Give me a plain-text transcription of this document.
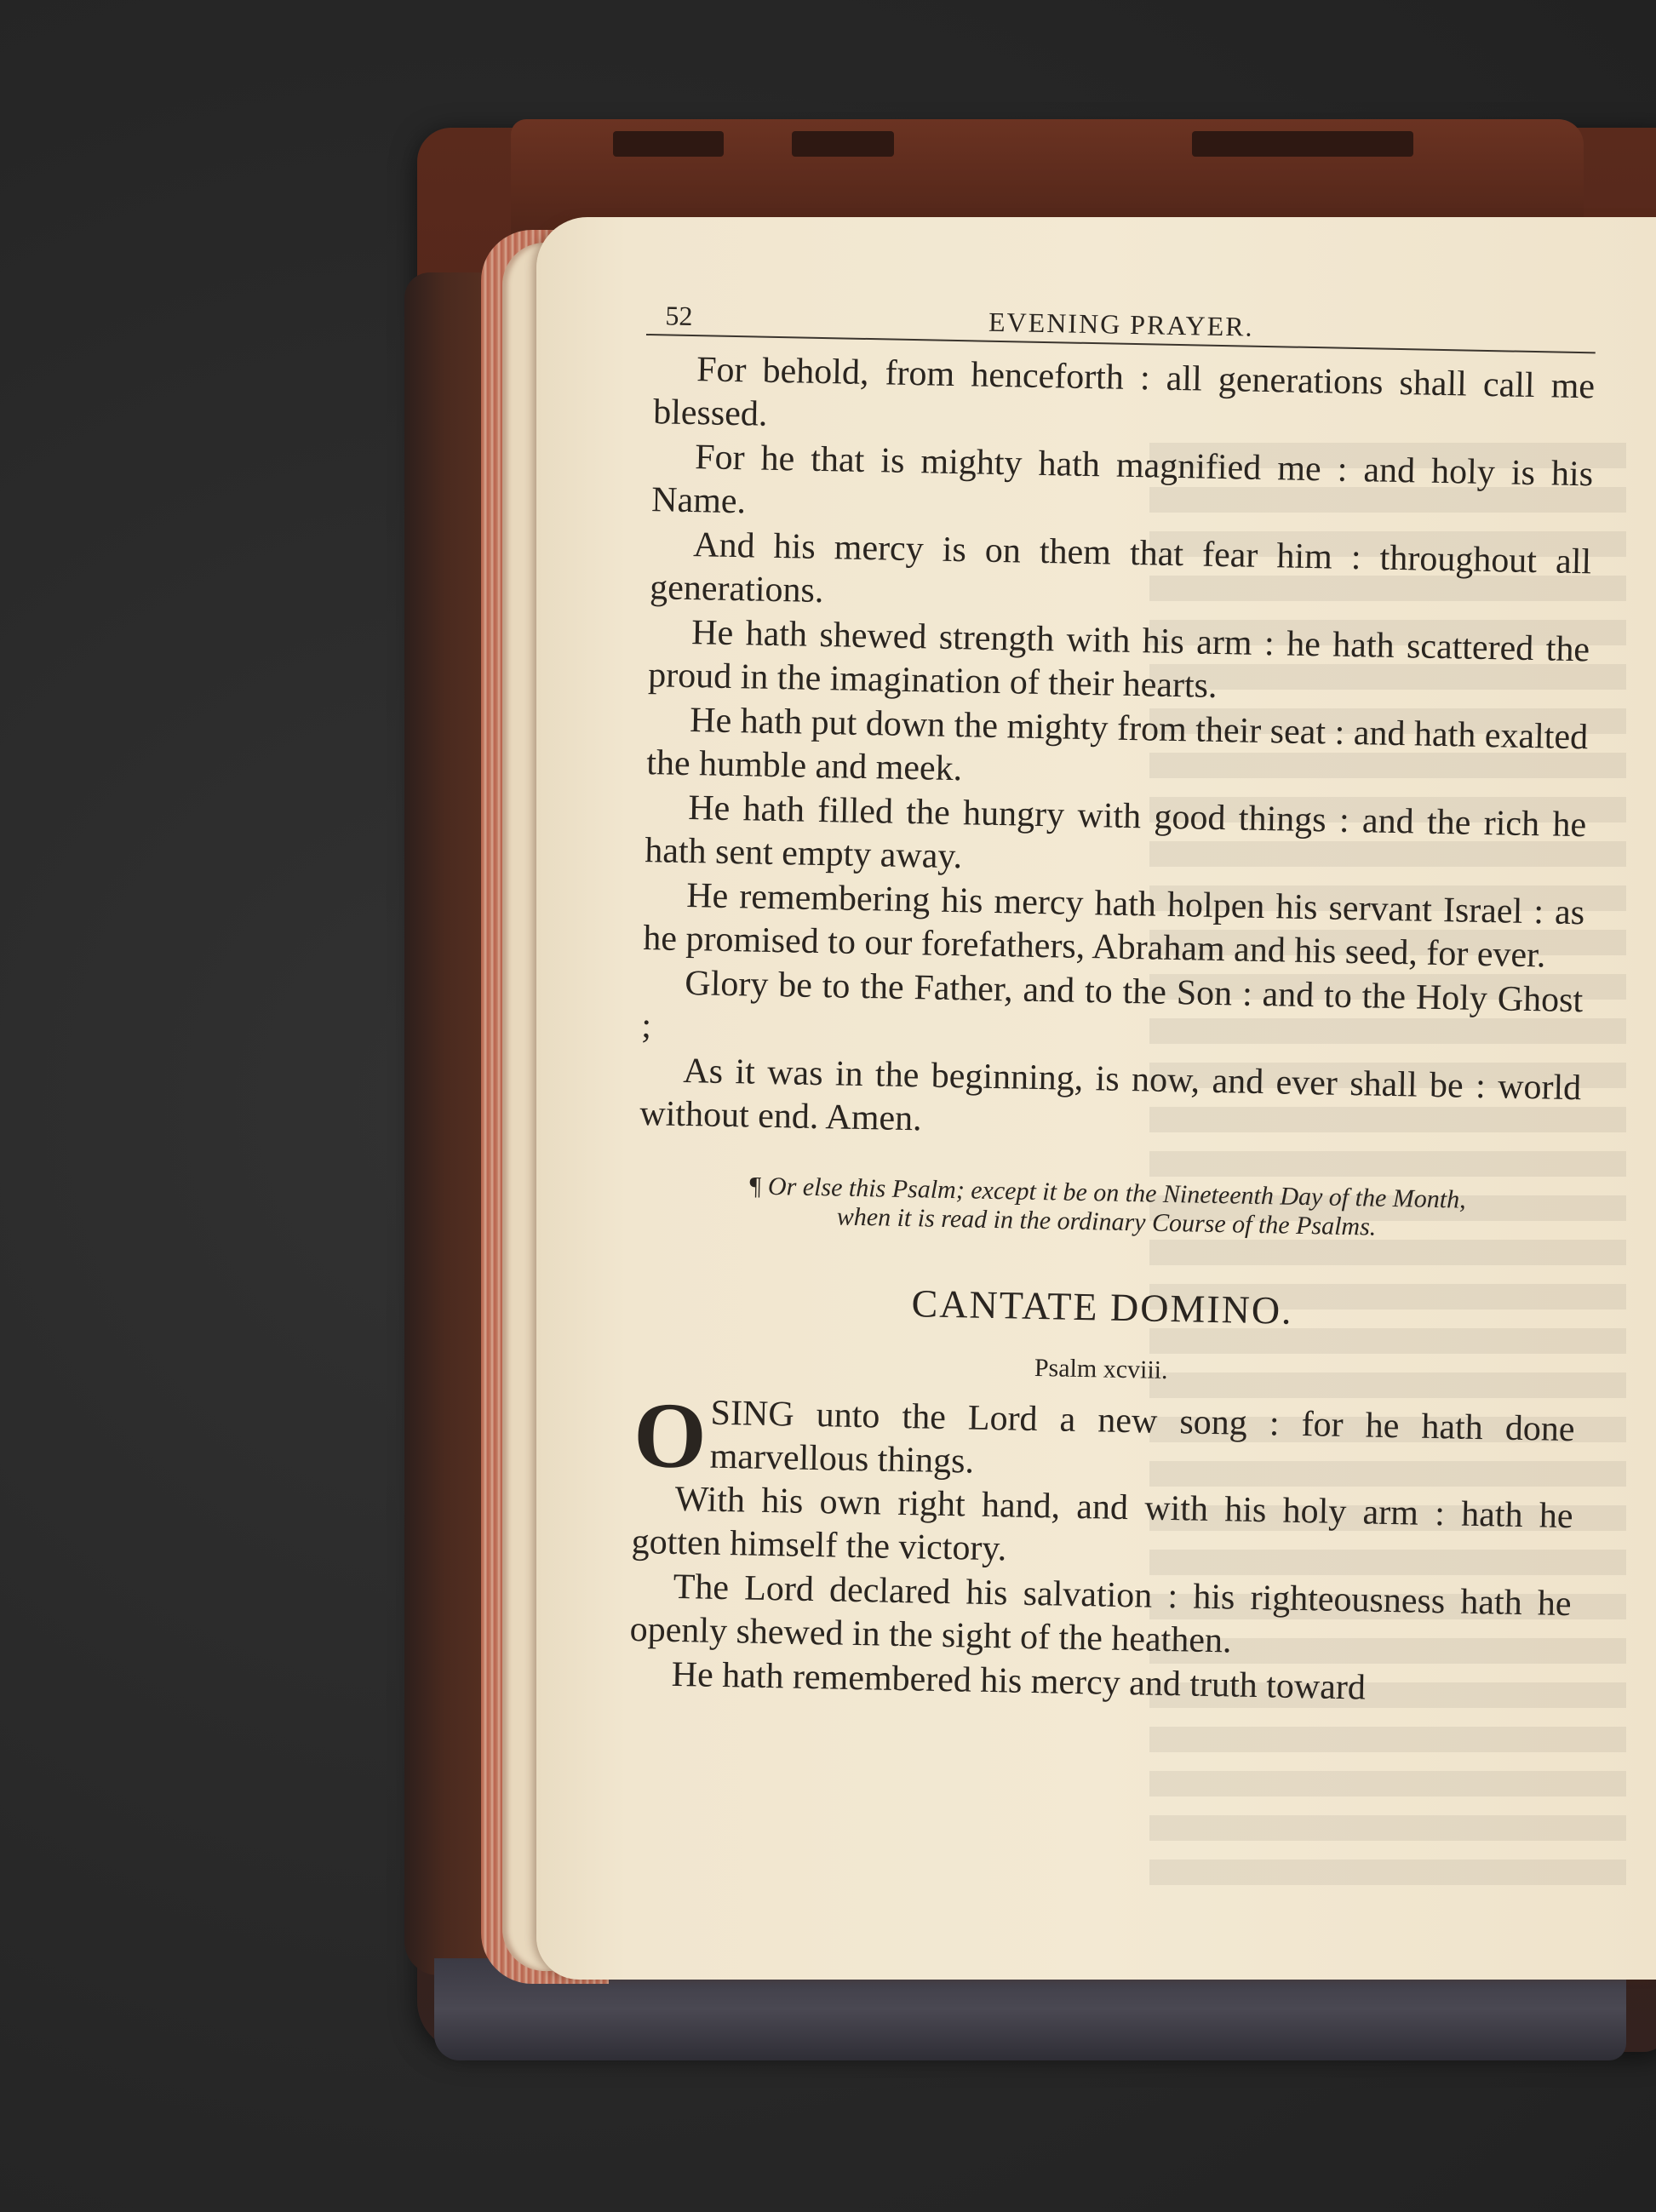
52	EVENING PRAYER.

For behold, from henceforth : all generations shall call me blessed.

For he that is mighty hath magnified me : and holy is his Name.

And his mercy is on them that fear him : throughout all generations.

He hath shewed strength with his arm : he hath scattered the proud in the imagination of their hearts.

He hath put down the mighty from their seat : and hath exalted the humble and meek.

He hath filled the hungry with good things : and the rich he hath sent empty away.

He remembering his mercy hath holpen his servant Israel : as he promised to our forefathers, Abraham and his seed, for ever.

Glory be to the Father, and to the Son : and to the Holy Ghost ;

As it was in the beginning, is now, and ever shall be : world without end. Amen.

¶ Or else this Psalm; except it be on the Nineteenth Day of the Month,
when it is read in the ordinary Course of the Psalms.
CANTATE DOMINO.
Psalm xcviii.
O SING unto the Lord a new song : for he hath done marvellous things.

With his own right hand, and with his holy arm : hath he gotten himself the victory.

The Lord declared his salvation : his righteousness hath he openly shewed in the sight of the heathen.

He hath remembered his mercy and truth toward
